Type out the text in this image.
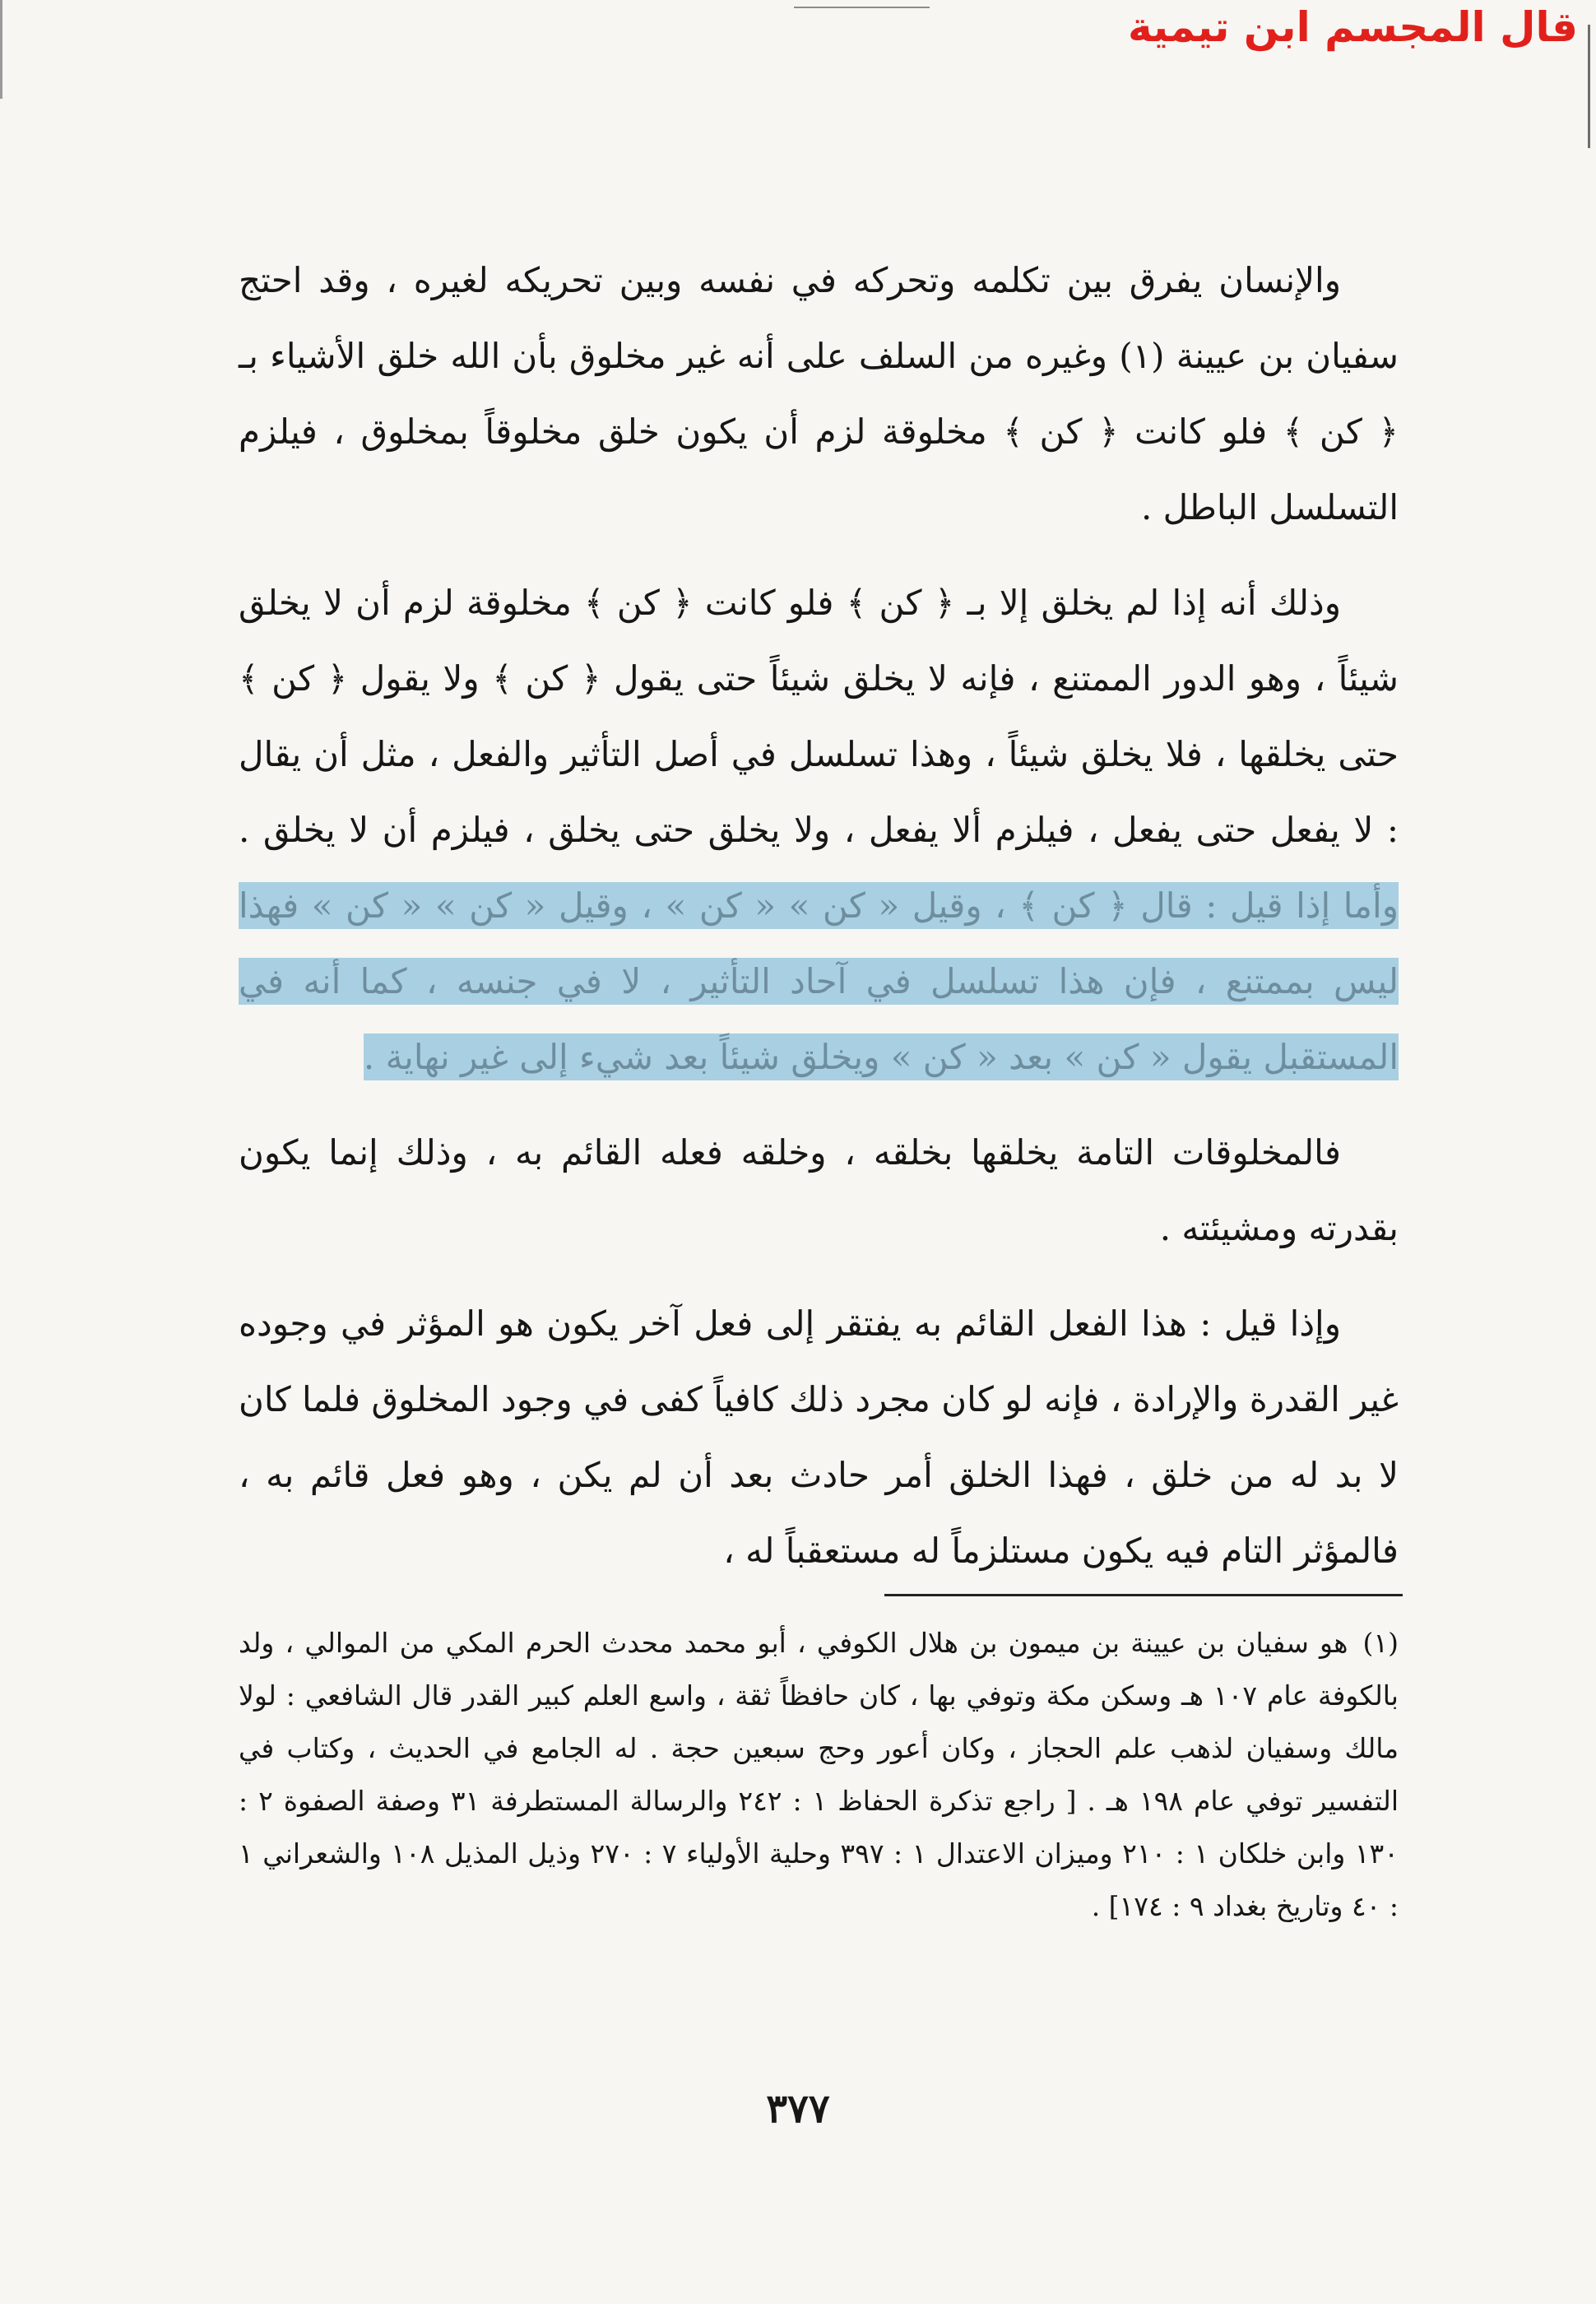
قال المجسم ابن تيمية

والإنسان يفرق بين تكلمه وتحركه في نفسه وبين تحريكه لغيره ، وقد احتج سفيان بن عيينة (١) وغيره من السلف على أنه غير مخلوق بأن الله خلق الأشياء بـ ﴿ كن ﴾ فلو كانت ﴿ كن ﴾ مخلوقة لزم أن يكون خلق مخلوقاً بمخلوق ، فيلزم التسلسل الباطل .

وذلك أنه إذا لم يخلق إلا بـ ﴿ كن ﴾ فلو كانت ﴿ كن ﴾ مخلوقة لزم أن لا يخلق شيئاً ، وهو الدور الممتنع ، فإنه لا يخلق شيئاً حتى يقول ﴿ كن ﴾ ولا يقول ﴿ كن ﴾ حتى يخلقها ، فلا يخلق شيئاً ، وهذا تسلسل في أصل التأثير والفعل ، مثل أن يقال : لا يفعل حتى يفعل ، فيلزم ألا يفعل ، ولا يخلق حتى يخلق ، فيلزم أن لا يخلق . وأما إذا قيل : قال ﴿ كن ﴾ ، وقيل « كن » « كن » ، وقيل « كن » « كن » فهذا ليس بممتنع ، فإن هذا تسلسل في آحاد التأثير ، لا في جنسه ، كما أنه في المستقبل يقول « كن » بعد « كن » ويخلق شيئاً بعد شيء إلى غير نهاية .

فالمخلوقات التامة يخلقها بخلقه ، وخلقه فعله القائم به ، وذلك إنما يكون بقدرته ومشيئته .

وإذا قيل : هذا الفعل القائم به يفتقر إلى فعل آخر يكون هو المؤثر في وجوده غير القدرة والإرادة ، فإنه لو كان مجرد ذلك كافياً كفى في وجود المخلوق فلما كان لا بد له من خلق ، فهذا الخلق أمر حادث بعد أن لم يكن ، وهو فعل قائم به ، فالمؤثر التام فيه يكون مستلزماً له مستعقباً له ،

(١)هو سفيان بن عيينة بن ميمون بن هلال الكوفي ، أبو محمد محدث الحرم المكي من الموالي ، ولد بالكوفة عام ١٠٧ هـ وسكن مكة وتوفي بها ، كان حافظاً ثقة ، واسع العلم كبير القدر قال الشافعي : لولا مالك وسفيان لذهب علم الحجاز ، وكان أعور وحج سبعين حجة . له الجامع في الحديث ، وكتاب في التفسير توفي عام ١٩٨ هـ . [ راجع تذكرة الحفاظ ١ : ٢٤٢ والرسالة المستطرفة ٣١ وصفة الصفوة ٢ : ١٣٠ وابن خلكان ١ : ٢١٠ وميزان الاعتدال ١ : ٣٩٧ وحلية الأولياء ٧ : ٢٧٠ وذيل المذيل ١٠٨ والشعراني ١ : ٤٠ وتاريخ بغداد ٩ : ١٧٤] .

٣٧٧
